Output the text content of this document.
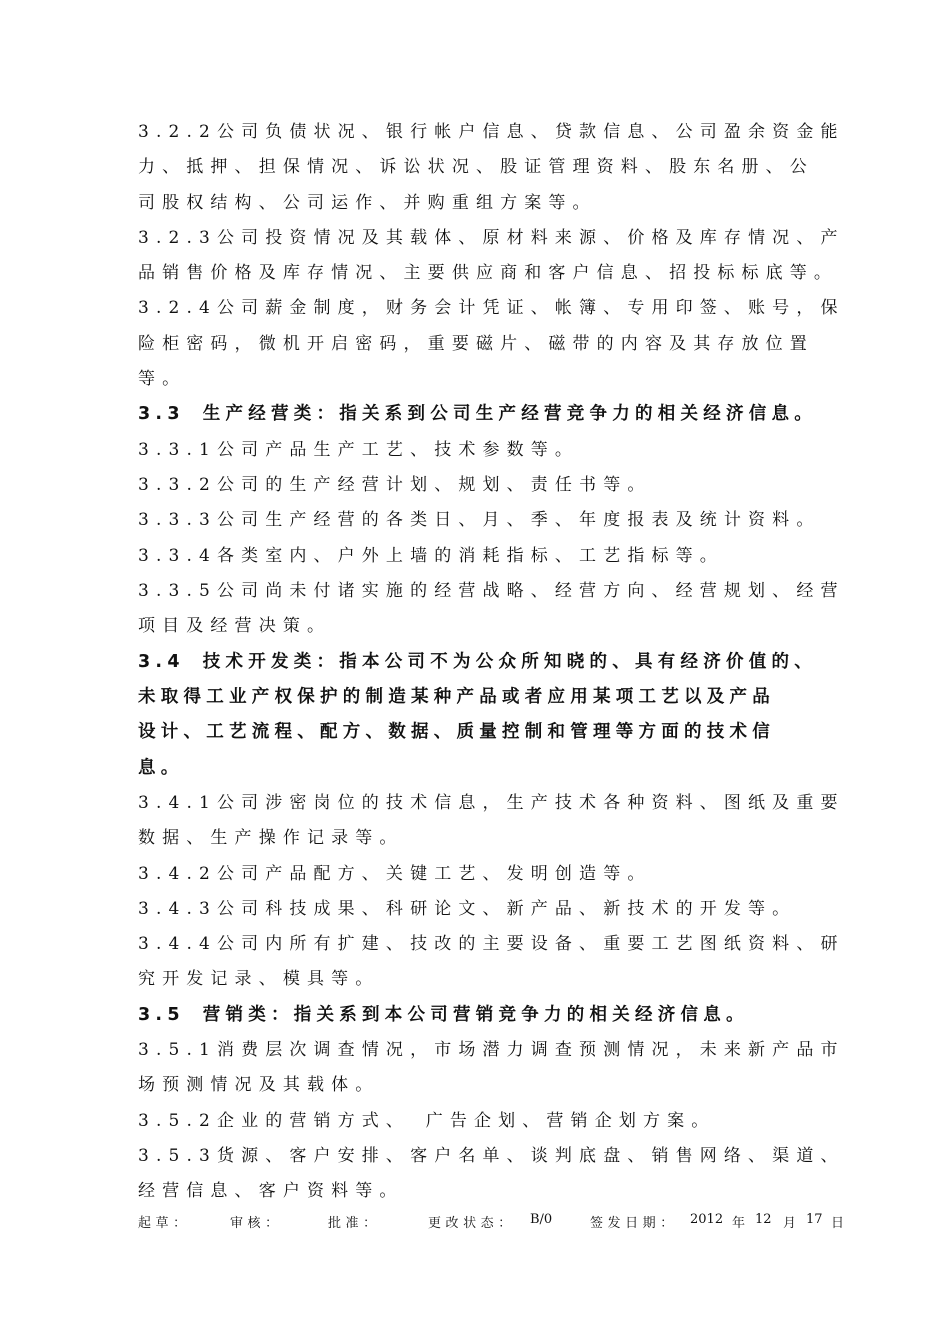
3.2.2公司负债状况、银行帐户信息、贷款信息、公司盈余资金能
力、抵押、担保情况、诉讼状况、股证管理资料、股东名册、公
司股权结构、公司运作、并购重组方案等。
3.2.3公司投资情况及其载体、原材料来源、价格及库存情况、产
品销售价格及库存情况、主要供应商和客户信息、招投标标底等。
3.2.4公司薪金制度，财务会计凭证、帐簿、专用印签、账号，保
险柜密码，微机开启密码，重要磁片、磁带的内容及其存放位置
等。
3.3 生产经营类：指关系到公司生产经营竞争力的相关经济信息。
3.3.1公司产品生产工艺、技术参数等。
3.3.2公司的生产经营计划、规划、责任书等。
3.3.3公司生产经营的各类日、月、季、年度报表及统计资料。
3.3.4各类室内、户外上墙的消耗指标、工艺指标等。
3.3.5公司尚未付诸实施的经营战略、经营方向、经营规划、经营
项目及经营决策。
3.4 技术开发类：指本公司不为公众所知晓的、具有经济价值的、
未取得工业产权保护的制造某种产品或者应用某项工艺以及产品
设计、工艺流程、配方、数据、质量控制和管理等方面的技术信
息。
3.4.1公司涉密岗位的技术信息，生产技术各种资料、图纸及重要
数据、生产操作记录等。
3.4.2公司产品配方、关键工艺、发明创造等。
3.4.3公司科技成果、科研论文、新产品、新技术的开发等。
3.4.4公司内所有扩建、技改的主要设备、重要工艺图纸资料、研
究开发记录、模具等。
3.5 营销类：指关系到本公司营销竞争力的相关经济信息。
3.5.1消费层次调查情况，市场潜力调查预测情况，未来新产品市
场预测情况及其载体。
3.5.2企业的营销方式、　广告企划、营销企划方案。
3.5.3货源、客户安排、客户名单、谈判底盘、销售网络、渠道、
经营信息、客户资料等。
起草：	审核：	批准：	更改状态： B/0	签发日期： 2012 年 12 月 17 日
